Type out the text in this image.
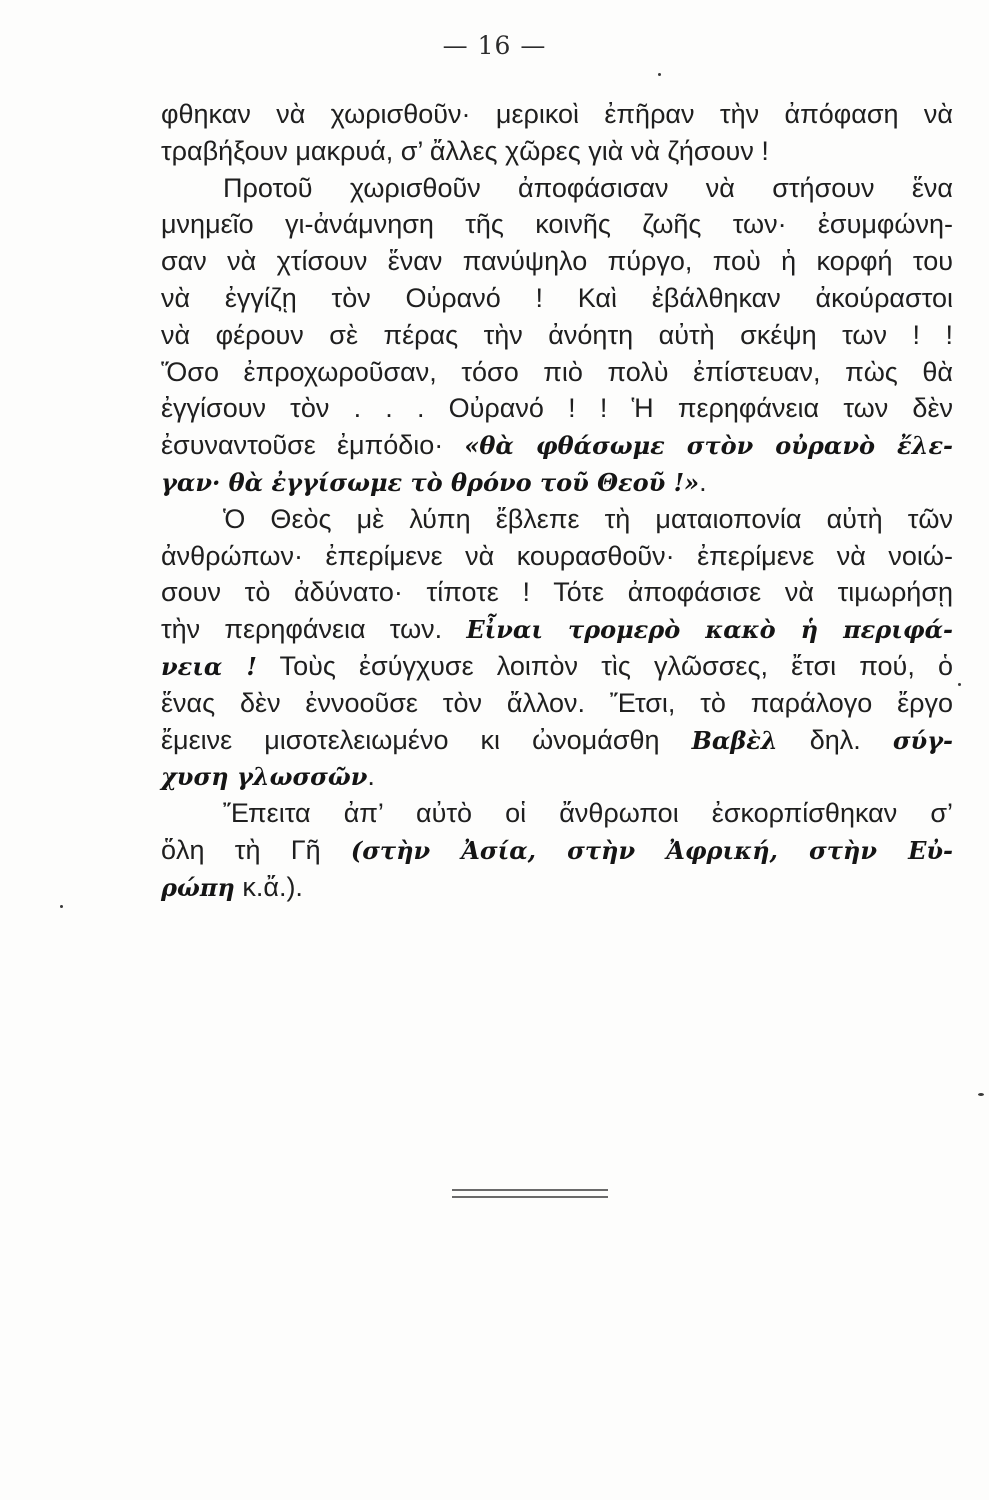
— 16 —
φθηκαν νὰ χωρισθοῦν· μερικοὶ ἐπῆραν τὴν ἀπόφαση νὰ
τραβήξουν μακρυά, σ’ ἄλλες χῶρες γιὰ νὰ ζήσουν !
Προτοῦ χωρισθοῦν ἀποφάσισαν νὰ στήσουν ἕνα
μνημεῖο γι-ἀνάμνηση τῆς κοινῆς ζωῆς των· ἐσυμφώνη-
σαν νὰ χτίσουν ἕναν πανύψηλο πύργο, ποὺ ἡ κορφή του
νὰ ἐγγίζῃ τὸν Οὐρανό ! Καὶ ἐβάλθηκαν ἀκούραστοι
νὰ φέρουν σὲ πέρας τὴν ἀνόητη αὐτὴ σκέψη των ! !
Ὅσο ἐπροχωροῦσαν, τόσο πιὸ πολὺ ἐπίστευαν, πὼς θὰ
ἐγγίσουν τὸν . . . Οὐρανό ! ! Ἡ περηφάνεια των δὲν
ἐσυναντοῦσε ἐμπόδιο· «θὰ φθάσωμε στὸν οὐρανὸ ἔλε-
γαν· θὰ ἐγγίσωμε τὸ θρόνο τοῦ Θεοῦ !».
Ὁ Θεὸς μὲ λύπη ἔβλεπε τὴ ματαιοπονία αὐτὴ τῶν
ἀνθρώπων· ἐπερίμενε νὰ κουρασθοῦν· ἐπερίμενε νὰ νοιώ-
σουν τὸ ἀδύνατο· τίποτε ! Τότε ἀποφάσισε νὰ τιμωρήσῃ
τὴν περηφάνεια των. Εἶναι τρομερὸ κακὸ ἡ περιφά-
νεια ! Τοὺς ἐσύγχυσε λοιπὸν τὶς γλῶσσες, ἔτσι πού, ὁ
ἕνας δὲν ἐννοοῦσε τὸν ἄλλον. Ἔτσι, τὸ παράλογο ἔργο
ἔμεινε μισοτελειωμένο κι ὠνομάσθη Βαβὲλ δηλ. σύγ-
χυση γλωσσῶν.
Ἔπειτα ἀπ’ αὐτὸ οἱ ἄνθρωποι ἐσκορπίσθηκαν σ’
ὅλη τὴ Γῆ (στὴν Ἀσία, στὴν Ἀφρική, στὴν Εὐ-
ρώπη κ.ἄ.).
